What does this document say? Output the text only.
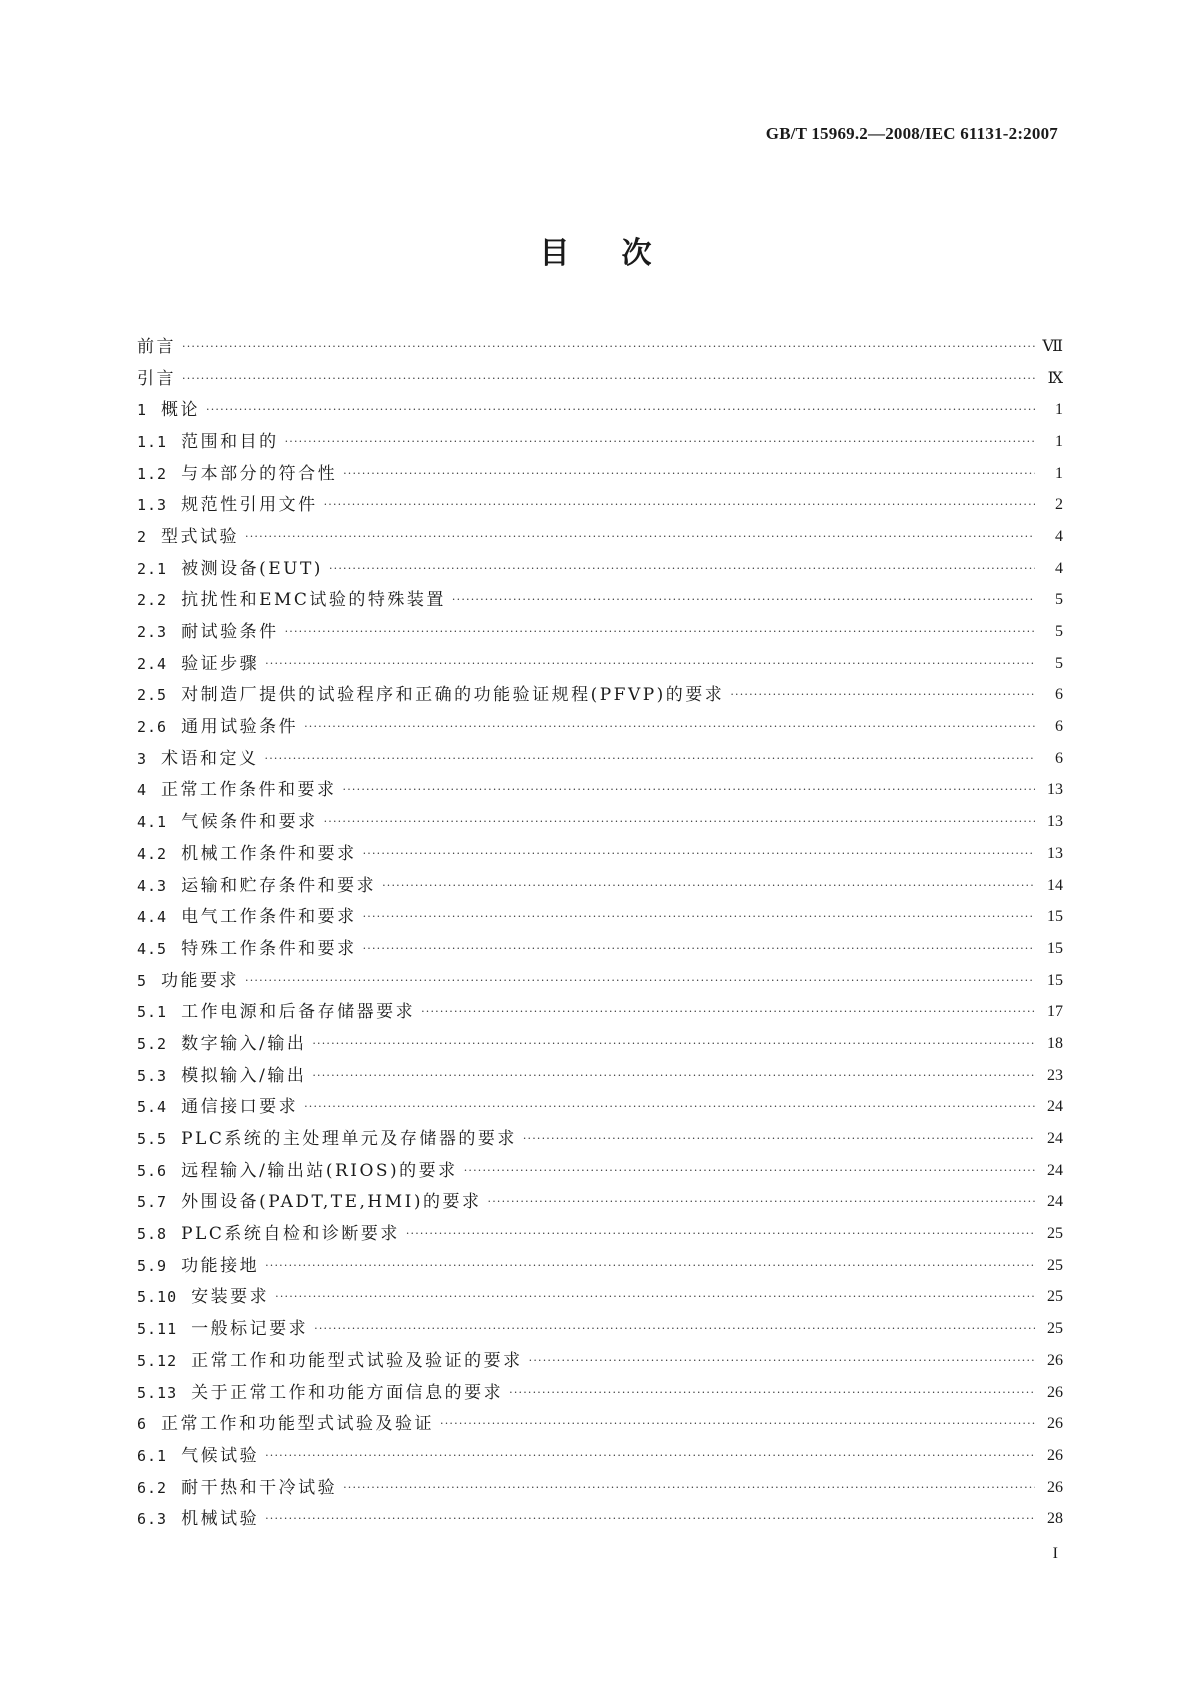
GB/T 15969.2—2008/IEC 61131-2:2007
目次
前言 ·····	Ⅶ
引言 ·····	Ⅸ
1 概论 ·····	1
1.1 范围和目的 ·····	1
1.2 与本部分的符合性 ·····	1
1.3 规范性引用文件 ·····	2
2 型式试验 ·····	4
2.1 被测设备(EUT) ·····	4
2.2 抗扰性和EMC试验的特殊装置 ·····	5
2.3 耐试验条件 ·····	5
2.4 验证步骤 ·····	5
2.5 对制造厂提供的试验程序和正确的功能验证规程(PFVP)的要求 ·····	6
2.6 通用试验条件 ·····	6
3 术语和定义 ·····	6
4 正常工作条件和要求 ·····	13
4.1 气候条件和要求 ·····	13
4.2 机械工作条件和要求 ·····	13
4.3 运输和贮存条件和要求 ·····	14
4.4 电气工作条件和要求 ·····	15
4.5 特殊工作条件和要求 ·····	15
5 功能要求 ·····	15
5.1 工作电源和后备存储器要求 ·····	17
5.2 数字输入/输出 ·····	18
5.3 模拟输入/输出 ·····	23
5.4 通信接口要求 ·····	24
5.5 PLC系统的主处理单元及存储器的要求 ·····	24
5.6 远程输入/输出站(RIOS)的要求 ·····	24
5.7 外围设备(PADT,TE,HMI)的要求 ·····	24
5.8 PLC系统自检和诊断要求 ·····	25
5.9 功能接地 ·····	25
5.10 安装要求 ·····	25
5.11 一般标记要求 ·····	25
5.12 正常工作和功能型式试验及验证的要求 ·····	26
5.13 关于正常工作和功能方面信息的要求 ·····	26
6 正常工作和功能型式试验及验证 ·····	26
6.1 气候试验 ·····	26
6.2 耐干热和干冷试验 ·····	26
6.3 机械试验 ·····	28
I
